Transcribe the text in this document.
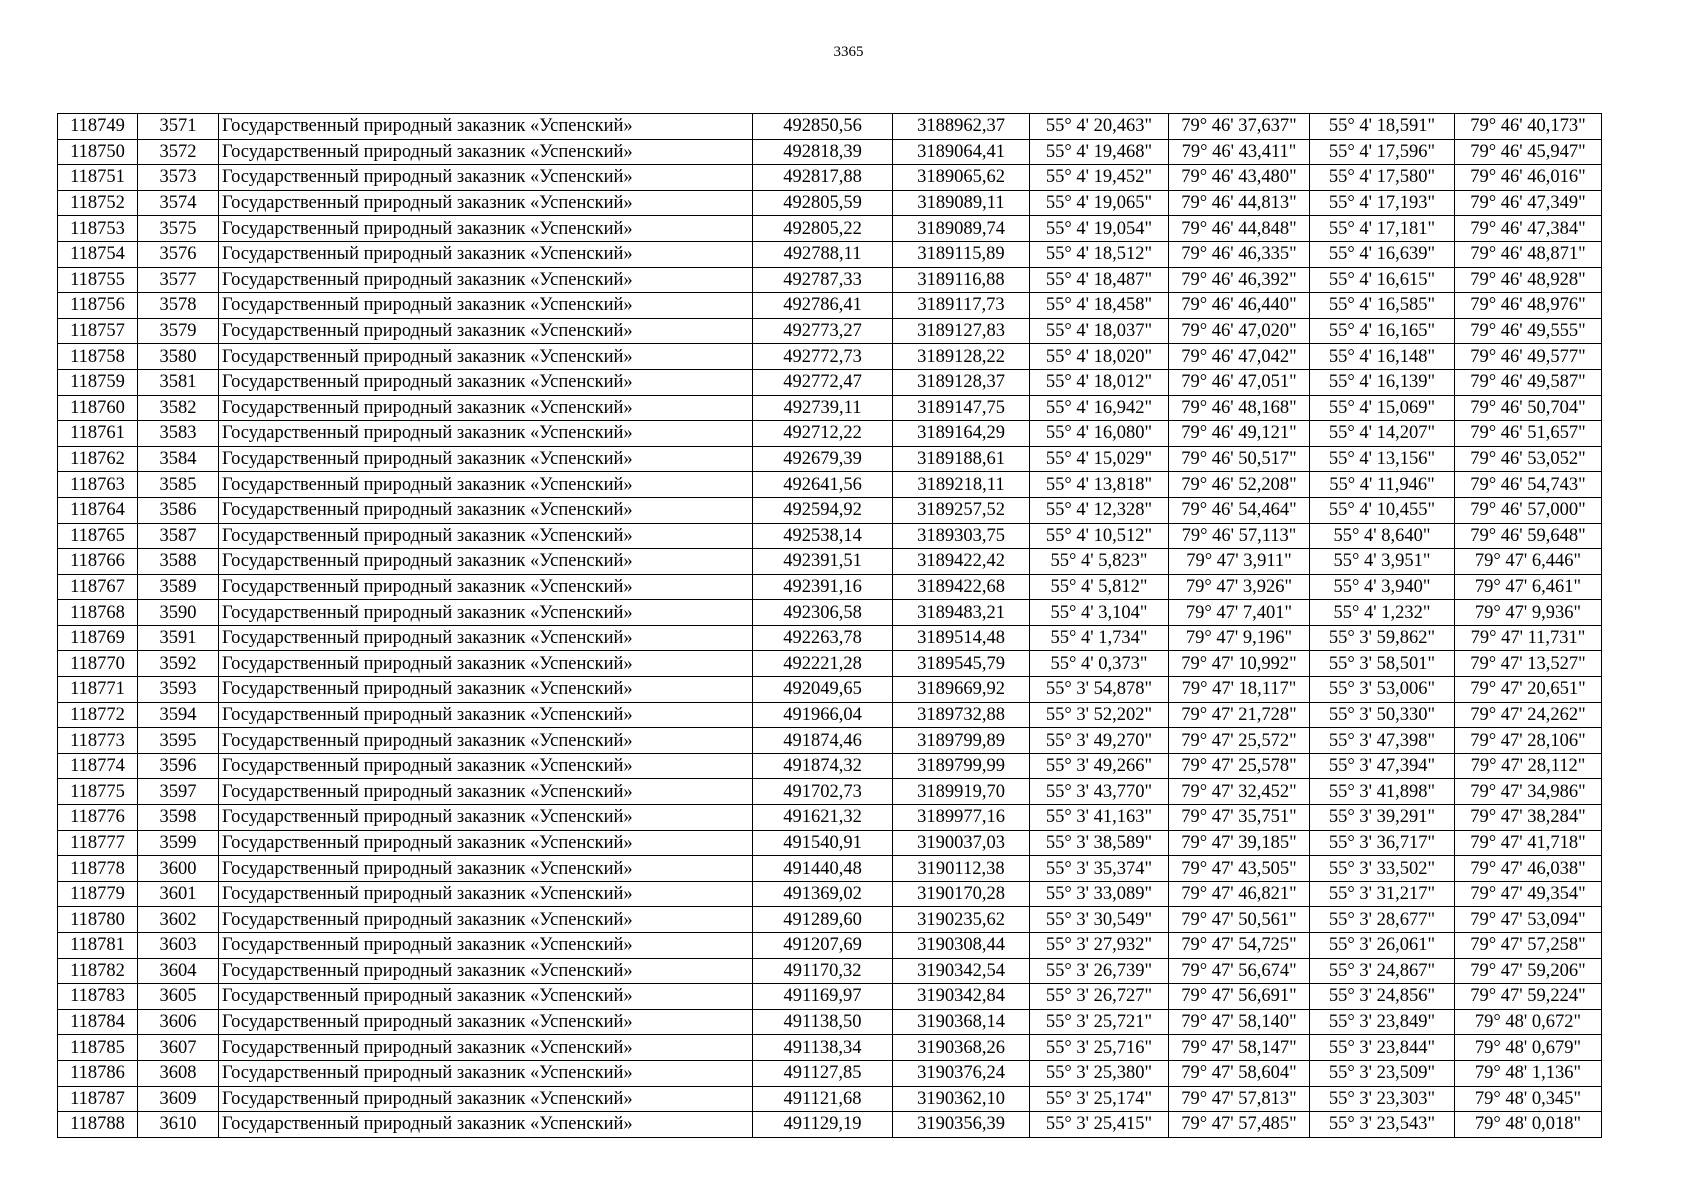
3365
118749	3571	Государственный природный заказник «Успенский»	492850,56	3188962,37	55° 4' 20,463"	79° 46' 37,637"	55° 4' 18,591"	79° 46' 40,173"
118750	3572	Государственный природный заказник «Успенский»	492818,39	3189064,41	55° 4' 19,468"	79° 46' 43,411"	55° 4' 17,596"	79° 46' 45,947"
118751	3573	Государственный природный заказник «Успенский»	492817,88	3189065,62	55° 4' 19,452"	79° 46' 43,480"	55° 4' 17,580"	79° 46' 46,016"
118752	3574	Государственный природный заказник «Успенский»	492805,59	3189089,11	55° 4' 19,065"	79° 46' 44,813"	55° 4' 17,193"	79° 46' 47,349"
118753	3575	Государственный природный заказник «Успенский»	492805,22	3189089,74	55° 4' 19,054"	79° 46' 44,848"	55° 4' 17,181"	79° 46' 47,384"
118754	3576	Государственный природный заказник «Успенский»	492788,11	3189115,89	55° 4' 18,512"	79° 46' 46,335"	55° 4' 16,639"	79° 46' 48,871"
118755	3577	Государственный природный заказник «Успенский»	492787,33	3189116,88	55° 4' 18,487"	79° 46' 46,392"	55° 4' 16,615"	79° 46' 48,928"
118756	3578	Государственный природный заказник «Успенский»	492786,41	3189117,73	55° 4' 18,458"	79° 46' 46,440"	55° 4' 16,585"	79° 46' 48,976"
118757	3579	Государственный природный заказник «Успенский»	492773,27	3189127,83	55° 4' 18,037"	79° 46' 47,020"	55° 4' 16,165"	79° 46' 49,555"
118758	3580	Государственный природный заказник «Успенский»	492772,73	3189128,22	55° 4' 18,020"	79° 46' 47,042"	55° 4' 16,148"	79° 46' 49,577"
118759	3581	Государственный природный заказник «Успенский»	492772,47	3189128,37	55° 4' 18,012"	79° 46' 47,051"	55° 4' 16,139"	79° 46' 49,587"
118760	3582	Государственный природный заказник «Успенский»	492739,11	3189147,75	55° 4' 16,942"	79° 46' 48,168"	55° 4' 15,069"	79° 46' 50,704"
118761	3583	Государственный природный заказник «Успенский»	492712,22	3189164,29	55° 4' 16,080"	79° 46' 49,121"	55° 4' 14,207"	79° 46' 51,657"
118762	3584	Государственный природный заказник «Успенский»	492679,39	3189188,61	55° 4' 15,029"	79° 46' 50,517"	55° 4' 13,156"	79° 46' 53,052"
118763	3585	Государственный природный заказник «Успенский»	492641,56	3189218,11	55° 4' 13,818"	79° 46' 52,208"	55° 4' 11,946"	79° 46' 54,743"
118764	3586	Государственный природный заказник «Успенский»	492594,92	3189257,52	55° 4' 12,328"	79° 46' 54,464"	55° 4' 10,455"	79° 46' 57,000"
118765	3587	Государственный природный заказник «Успенский»	492538,14	3189303,75	55° 4' 10,512"	79° 46' 57,113"	55° 4' 8,640"	79° 46' 59,648"
118766	3588	Государственный природный заказник «Успенский»	492391,51	3189422,42	55° 4' 5,823"	79° 47' 3,911"	55° 4' 3,951"	79° 47' 6,446"
118767	3589	Государственный природный заказник «Успенский»	492391,16	3189422,68	55° 4' 5,812"	79° 47' 3,926"	55° 4' 3,940"	79° 47' 6,461"
118768	3590	Государственный природный заказник «Успенский»	492306,58	3189483,21	55° 4' 3,104"	79° 47' 7,401"	55° 4' 1,232"	79° 47' 9,936"
118769	3591	Государственный природный заказник «Успенский»	492263,78	3189514,48	55° 4' 1,734"	79° 47' 9,196"	55° 3' 59,862"	79° 47' 11,731"
118770	3592	Государственный природный заказник «Успенский»	492221,28	3189545,79	55° 4' 0,373"	79° 47' 10,992"	55° 3' 58,501"	79° 47' 13,527"
118771	3593	Государственный природный заказник «Успенский»	492049,65	3189669,92	55° 3' 54,878"	79° 47' 18,117"	55° 3' 53,006"	79° 47' 20,651"
118772	3594	Государственный природный заказник «Успенский»	491966,04	3189732,88	55° 3' 52,202"	79° 47' 21,728"	55° 3' 50,330"	79° 47' 24,262"
118773	3595	Государственный природный заказник «Успенский»	491874,46	3189799,89	55° 3' 49,270"	79° 47' 25,572"	55° 3' 47,398"	79° 47' 28,106"
118774	3596	Государственный природный заказник «Успенский»	491874,32	3189799,99	55° 3' 49,266"	79° 47' 25,578"	55° 3' 47,394"	79° 47' 28,112"
118775	3597	Государственный природный заказник «Успенский»	491702,73	3189919,70	55° 3' 43,770"	79° 47' 32,452"	55° 3' 41,898"	79° 47' 34,986"
118776	3598	Государственный природный заказник «Успенский»	491621,32	3189977,16	55° 3' 41,163"	79° 47' 35,751"	55° 3' 39,291"	79° 47' 38,284"
118777	3599	Государственный природный заказник «Успенский»	491540,91	3190037,03	55° 3' 38,589"	79° 47' 39,185"	55° 3' 36,717"	79° 47' 41,718"
118778	3600	Государственный природный заказник «Успенский»	491440,48	3190112,38	55° 3' 35,374"	79° 47' 43,505"	55° 3' 33,502"	79° 47' 46,038"
118779	3601	Государственный природный заказник «Успенский»	491369,02	3190170,28	55° 3' 33,089"	79° 47' 46,821"	55° 3' 31,217"	79° 47' 49,354"
118780	3602	Государственный природный заказник «Успенский»	491289,60	3190235,62	55° 3' 30,549"	79° 47' 50,561"	55° 3' 28,677"	79° 47' 53,094"
118781	3603	Государственный природный заказник «Успенский»	491207,69	3190308,44	55° 3' 27,932"	79° 47' 54,725"	55° 3' 26,061"	79° 47' 57,258"
118782	3604	Государственный природный заказник «Успенский»	491170,32	3190342,54	55° 3' 26,739"	79° 47' 56,674"	55° 3' 24,867"	79° 47' 59,206"
118783	3605	Государственный природный заказник «Успенский»	491169,97	3190342,84	55° 3' 26,727"	79° 47' 56,691"	55° 3' 24,856"	79° 47' 59,224"
118784	3606	Государственный природный заказник «Успенский»	491138,50	3190368,14	55° 3' 25,721"	79° 47' 58,140"	55° 3' 23,849"	79° 48' 0,672"
118785	3607	Государственный природный заказник «Успенский»	491138,34	3190368,26	55° 3' 25,716"	79° 47' 58,147"	55° 3' 23,844"	79° 48' 0,679"
118786	3608	Государственный природный заказник «Успенский»	491127,85	3190376,24	55° 3' 25,380"	79° 47' 58,604"	55° 3' 23,509"	79° 48' 1,136"
118787	3609	Государственный природный заказник «Успенский»	491121,68	3190362,10	55° 3' 25,174"	79° 47' 57,813"	55° 3' 23,303"	79° 48' 0,345"
118788	3610	Государственный природный заказник «Успенский»	491129,19	3190356,39	55° 3' 25,415"	79° 47' 57,485"	55° 3' 23,543"	79° 48' 0,018"
